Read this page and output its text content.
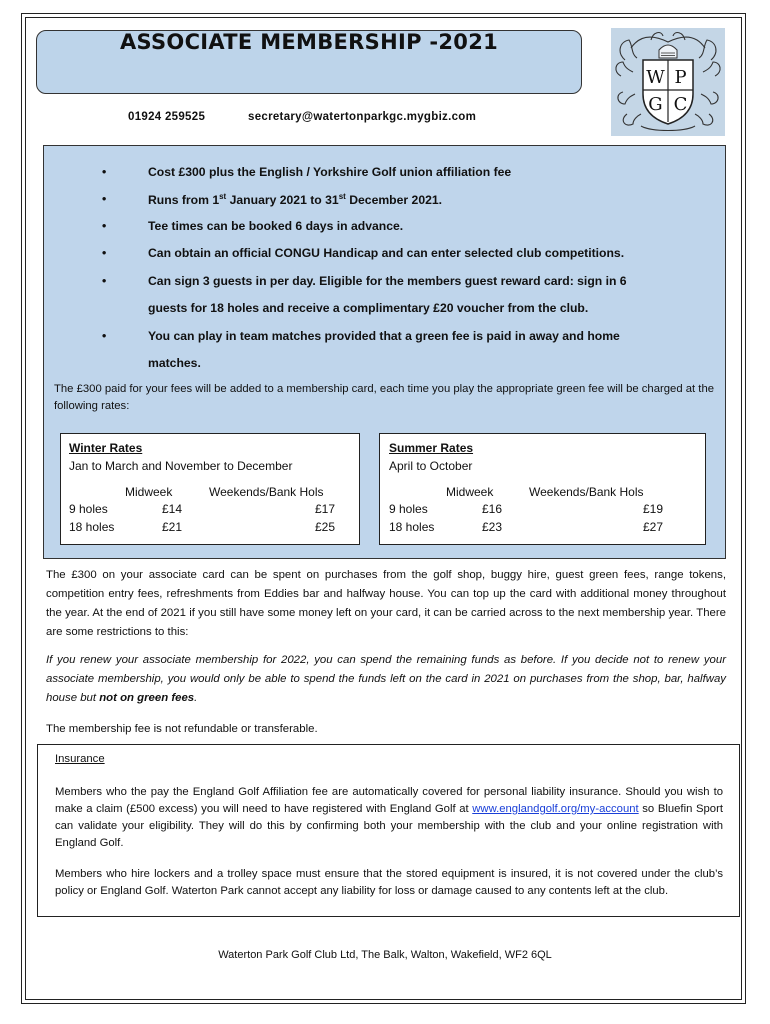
ASSOCIATE MEMBERSHIP -2021
01924 259525	secretary@watertonparkgc.mygbiz.com
W P
G C
•	Cost £300 plus the English / Yorkshire Golf union affiliation fee
•	Runs from 1st January 2021 to 31st December 2021.
•	Tee times can be booked 6 days in advance.
•	Can obtain an official CONGU Handicap and can enter selected club competitions.
•	Can sign 3 guests in per day. Eligible for the members guest reward card: sign in 6
guests for 18 holes and receive a complimentary £20 voucher from the club.
•	You can play in team matches provided that a green fee is paid in away and home
matches.
The £300 paid for your fees will be added to a membership card, each time you play the appropriate green fee will be charged at the following rates:
Winter Rates
Jan to March and November to December
Midweek	Weekends/Bank Hols
9 holes	£14	£17
18 holes	£21	£25
Summer Rates
April to October
Midweek	Weekends/Bank Hols
9 holes	£16	£19
18 holes	£23	£27
The £300 on your associate card can be spent on purchases from the golf shop, buggy hire, guest green fees, range tokens, competition entry fees, refreshments from Eddies bar and halfway house. You can top up the card with additional money throughout the year. At the end of 2021 if you still have some money left on your card, it can be carried across to the next membership year. There are some restrictions to this:
If you renew your associate membership for 2022, you can spend the remaining funds as before. If you decide not to renew your associate membership, you would only be able to spend the funds left on the card in 2021 on purchases from the shop, bar, halfway house but not on green fees.
The membership fee is not refundable or transferable.
Insurance
Members who the pay the England Golf Affiliation fee are automatically covered for personal liability insurance. Should you wish to make a claim (£500 excess) you will need to have registered with England Golf at www.englandgolf.org/my-account so Bluefin Sport can validate your eligibility. They will do this by confirming both your membership with the club and your online registration with England Golf.
Members who hire lockers and a trolley space must ensure that the stored equipment is insured, it is not covered under the club’s policy or England Golf. Waterton Park cannot accept any liability for loss or damage caused to any contents left at the club.
Waterton Park Golf Club Ltd, The Balk, Walton, Wakefield, WF2 6QL
